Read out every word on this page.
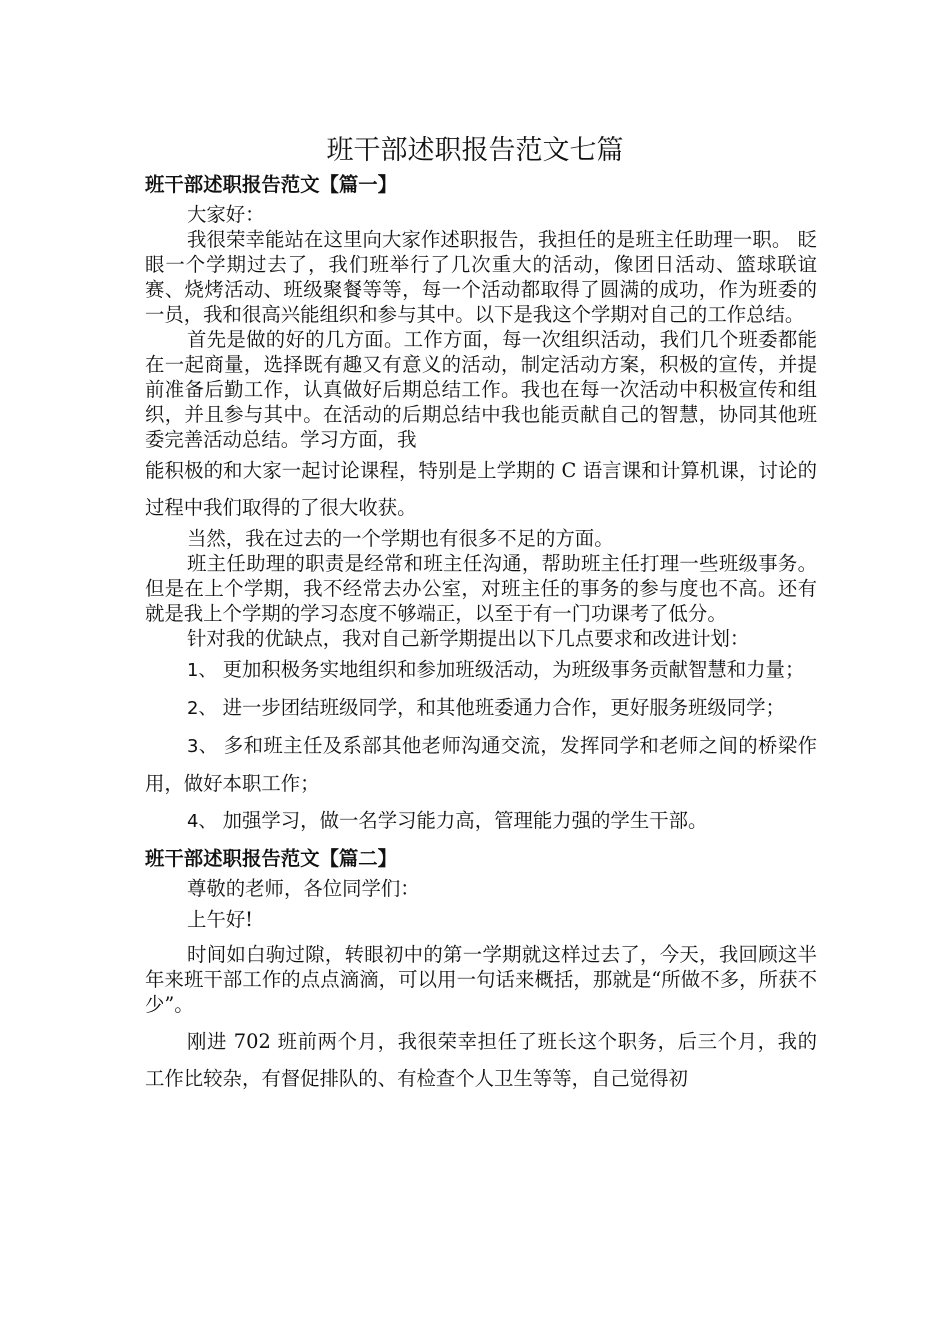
班干部述职报告范文七篇

班干部述职报告范文【篇一】

大家好：

我很荣幸能站在这里向大家作述职报告，我担任的是班主任助理一职。 眨眼一个学期过去了，我们班举行了几次重大的活动，像团日活动、篮球联谊赛、烧烤活动、班级聚餐等等，每一个活动都取得了圆满的成功，作为班委的一员，我和很高兴能组织和参与其中。以下是我这个学期对自己的工作总结。

首先是做的好的几方面。工作方面，每一次组织活动，我们几个班委都能在一起商量，选择既有趣又有意义的活动，制定活动方案，积极的宣传，并提前准备后勤工作，认真做好后期总结工作。我也在每一次活动中积极宣传和组织，并且参与其中。在活动的后期总结中我也能贡献自己的智慧，协同其他班委完善活动总结。学习方面，我

能积极的和大家一起讨论课程，特别是上学期的 C 语言课和计算机课，讨论的过程中我们取得的了很大收获。

当然，我在过去的一个学期也有很多不足的方面。

班主任助理的职责是经常和班主任沟通，帮助班主任打理一些班级事务。但是在上个学期，我不经常去办公室，对班主任的事务的参与度也不高。还有就是我上个学期的学习态度不够端正，以至于有一门功课考了低分。

针对我的优缺点，我对自己新学期提出以下几点要求和改进计划：

1、 更加积极务实地组织和参加班级活动，为班级事务贡献智慧和力量；

2、 进一步团结班级同学，和其他班委通力合作，更好服务班级同学；

3、 多和班主任及系部其他老师沟通交流，发挥同学和老师之间的桥梁作用，做好本职工作；

4、 加强学习，做一名学习能力高，管理能力强的学生干部。

班干部述职报告范文【篇二】

尊敬的老师，各位同学们：

上午好!

时间如白驹过隙，转眼初中的第一学期就这样过去了，今天，我回顾这半年来班干部工作的点点滴滴，可以用一句话来概括，那就是“所做不多，所获不少”。

刚进 702 班前两个月，我很荣幸担任了班长这个职务，后三个月，我的工作比较杂，有督促排队的、有检查个人卫生等等，自己觉得初
